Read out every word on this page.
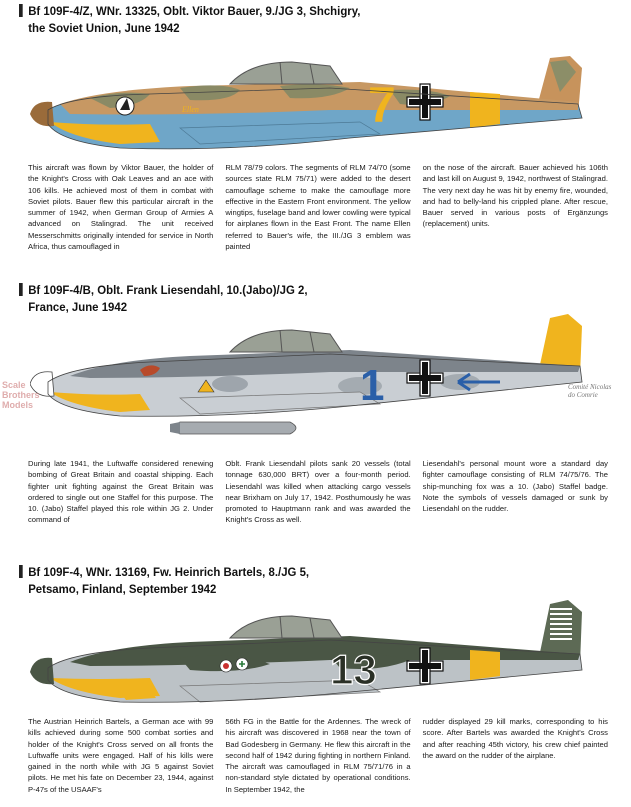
Bf 109F-4/Z, WNr. 13325, Oblt. Viktor Bauer, 9./JG 3, Shchigry,
the Soviet Union, June 1942
7
Ellen
This aircraft was flown by Viktor Bauer, the holder of the Knight's Cross with Oak Leaves and an ace with 106 kills. He achieved most of them in combat with Soviet pilots. Bauer flew this particular aircraft in the summer of 1942, when German Group of Armies A advanced on Stalingrad. The unit received Messerschmitts originally intended for service in North Africa, thus camouflaged in
RLM 78/79 colors. The segments of RLM 74/70 (some sources state RLM 75/71) were added to the desert camouflage scheme to make the camouflage more effective in the Eastern Front environment. The yellow wingtips, fuselage band and lower cowling were typical for airplanes flown in the East Front. The name Ellen referred to Bauer's wife, the III./JG 3 emblem was painted
on the nose of the aircraft. Bauer achieved his 106th and last kill on August 9, 1942, northwest of Stalingrad. The very next day he was hit by enemy fire, wounded, and had to belly-land his crippled plane. After rescue, Bauer served in various posts of Ergänzungs (replacement) units.
Bf 109F-4/B, Oblt. Frank Liesendahl, 10.(Jabo)/JG 2,
France, June 1942
1
Scale
Brothers
Models
Comité Nicolas
do Comrie
During late 1941, the Luftwaffe considered renewing bombing of Great Britain and coastal shipping. Each fighter unit fighting against the Great Britain was ordered to single out one Staffel for this purpose. The 10. (Jabo) Staffel played this role within JG 2. Under command of
Oblt. Frank Liesendahl pilots sank 20 vessels (total tonnage 630,000 BRT) over a four-month period. Liesendahl was killed when attacking cargo vessels near Brixham on July 17, 1942. Posthumously he was promoted to Hauptmann rank and was awarded the Knight's Cross as well.
Liesendahl's personal mount wore a standard day fighter camouflage consisting of RLM 74/75/76. The ship-munching fox was a 10. (Jabo) Staffel badge. Note the symbols of vessels damaged or sunk by Liesendahl on the rudder.
Bf 109F-4, WNr. 13169, Fw. Heinrich Bartels, 8./JG 5,
Petsamo, Finland, September 1942
13
The Austrian Heinrich Bartels, a German ace with 99 kills achieved during some 500 combat sorties and holder of the Knight's Cross served on all fronts the Luftwaffe units were engaged. Half of his kills were gained in the north while with JG 5 against Soviet pilots. He met his fate on December 23, 1944, against P-47s of the USAAF's
56th FG in the Battle for the Ardennes. The wreck of his aircraft was discovered in 1968 near the town of Bad Godesberg in Germany. He flew this aircraft in the second half of 1942 during fighting in northern Finland. The aircraft was camouflaged in RLM 75/71/76 in a non-standard style dictated by operational conditions. In September 1942, the
rudder displayed 29 kill marks, corresponding to his score. After Bartels was awarded the Knight's Cross and after reaching 45th victory, his crew chief painted the award on the rudder of the airplane.
